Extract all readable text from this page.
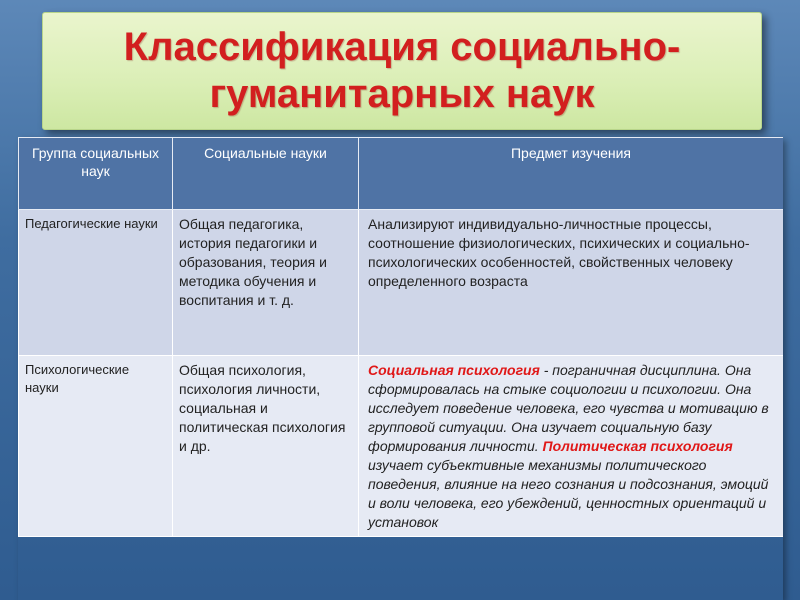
Классификация социально-
гуманитарных наук
Группа социальных наук	Социальные науки	Предмет изучения
Педагогические науки	Общая педагогика, история педагогики и образования, теория и методика обучения и воспитания и т. д.	Анализируют индивидуально-личностные процессы, соотношение физиологических, психических и социально-психологических особенностей, свойственных человеку определенного возраста
Психологические науки	Общая психология, психология личности, социальная и политическая психология и др.	Социальная психология - пограничная дисциплина. Она сформировалась на стыке социологии и психологии. Она исследует поведение человека, его чувства и мотивацию в групповой ситуации. Она изучает социальную базу формирования личности. Политическая психология изучает субъективные механизмы политического поведения, влияние на него сознания и подсознания, эмоций и воли человека, его убеждений, ценностных ориентаций и установок
